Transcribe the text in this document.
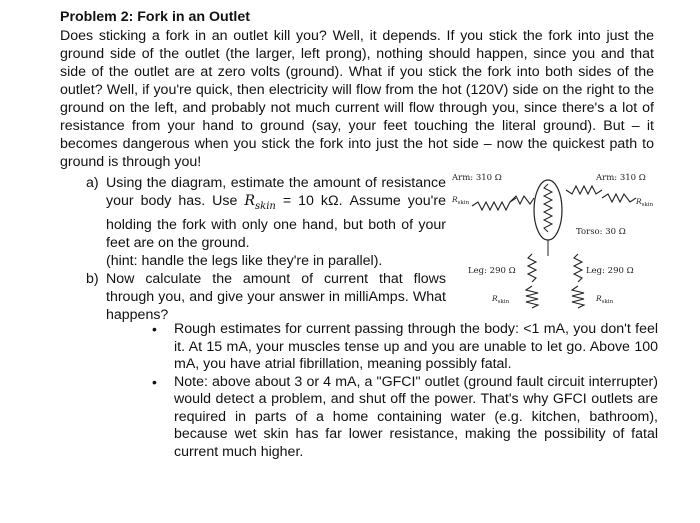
Problem 2: Fork in an Outlet
Does sticking a fork in an outlet kill you? Well, it depends. If you stick the fork into just the ground side of the outlet (the larger, left prong), nothing should happen, since you and that side of the outlet are at zero volts (ground). What if you stick the fork into both sides of the outlet? Well, if you're quick, then electricity will flow from the hot (120V) side on the right to the ground on the left, and probably not much current will flow through you, since there's a lot of resistance from your hand to ground (say, your feet touching the literal ground). But – it becomes dangerous when you stick the fork into just the hot side – now the quickest path to ground is through you!
a) Using the diagram, estimate the amount of resistance your body has. Use $R_{skin} = 10$ kΩ. Assume you're holding the fork with only one hand, but both of your feet are on the ground.
(hint: handle the legs like they're in parallel).
b) Now calculate the amount of current that flows through you, and give your answer in milliAmps. What happens?
Arm: 310 Ω	Arm: 310 Ω
$R_{skin}$	$R_{skin}$
Torso: 30 Ω
Leg: 290 Ω	Leg: 290 Ω
$R_{skin}$	$R_{skin}$
• Rough estimates for current passing through the body: <1 mA, you don't feel it. At 15 mA, your muscles tense up and you are unable to let go. Above 100 mA, you have atrial fibrillation, meaning possibly fatal.
• Note: above about 3 or 4 mA, a "GFCI" outlet (ground fault circuit interrupter) would detect a problem, and shut off the power. That's why GFCI outlets are required in parts of a home containing water (e.g. kitchen, bathroom), because wet skin has far lower resistance, making the possibility of fatal current much higher.
